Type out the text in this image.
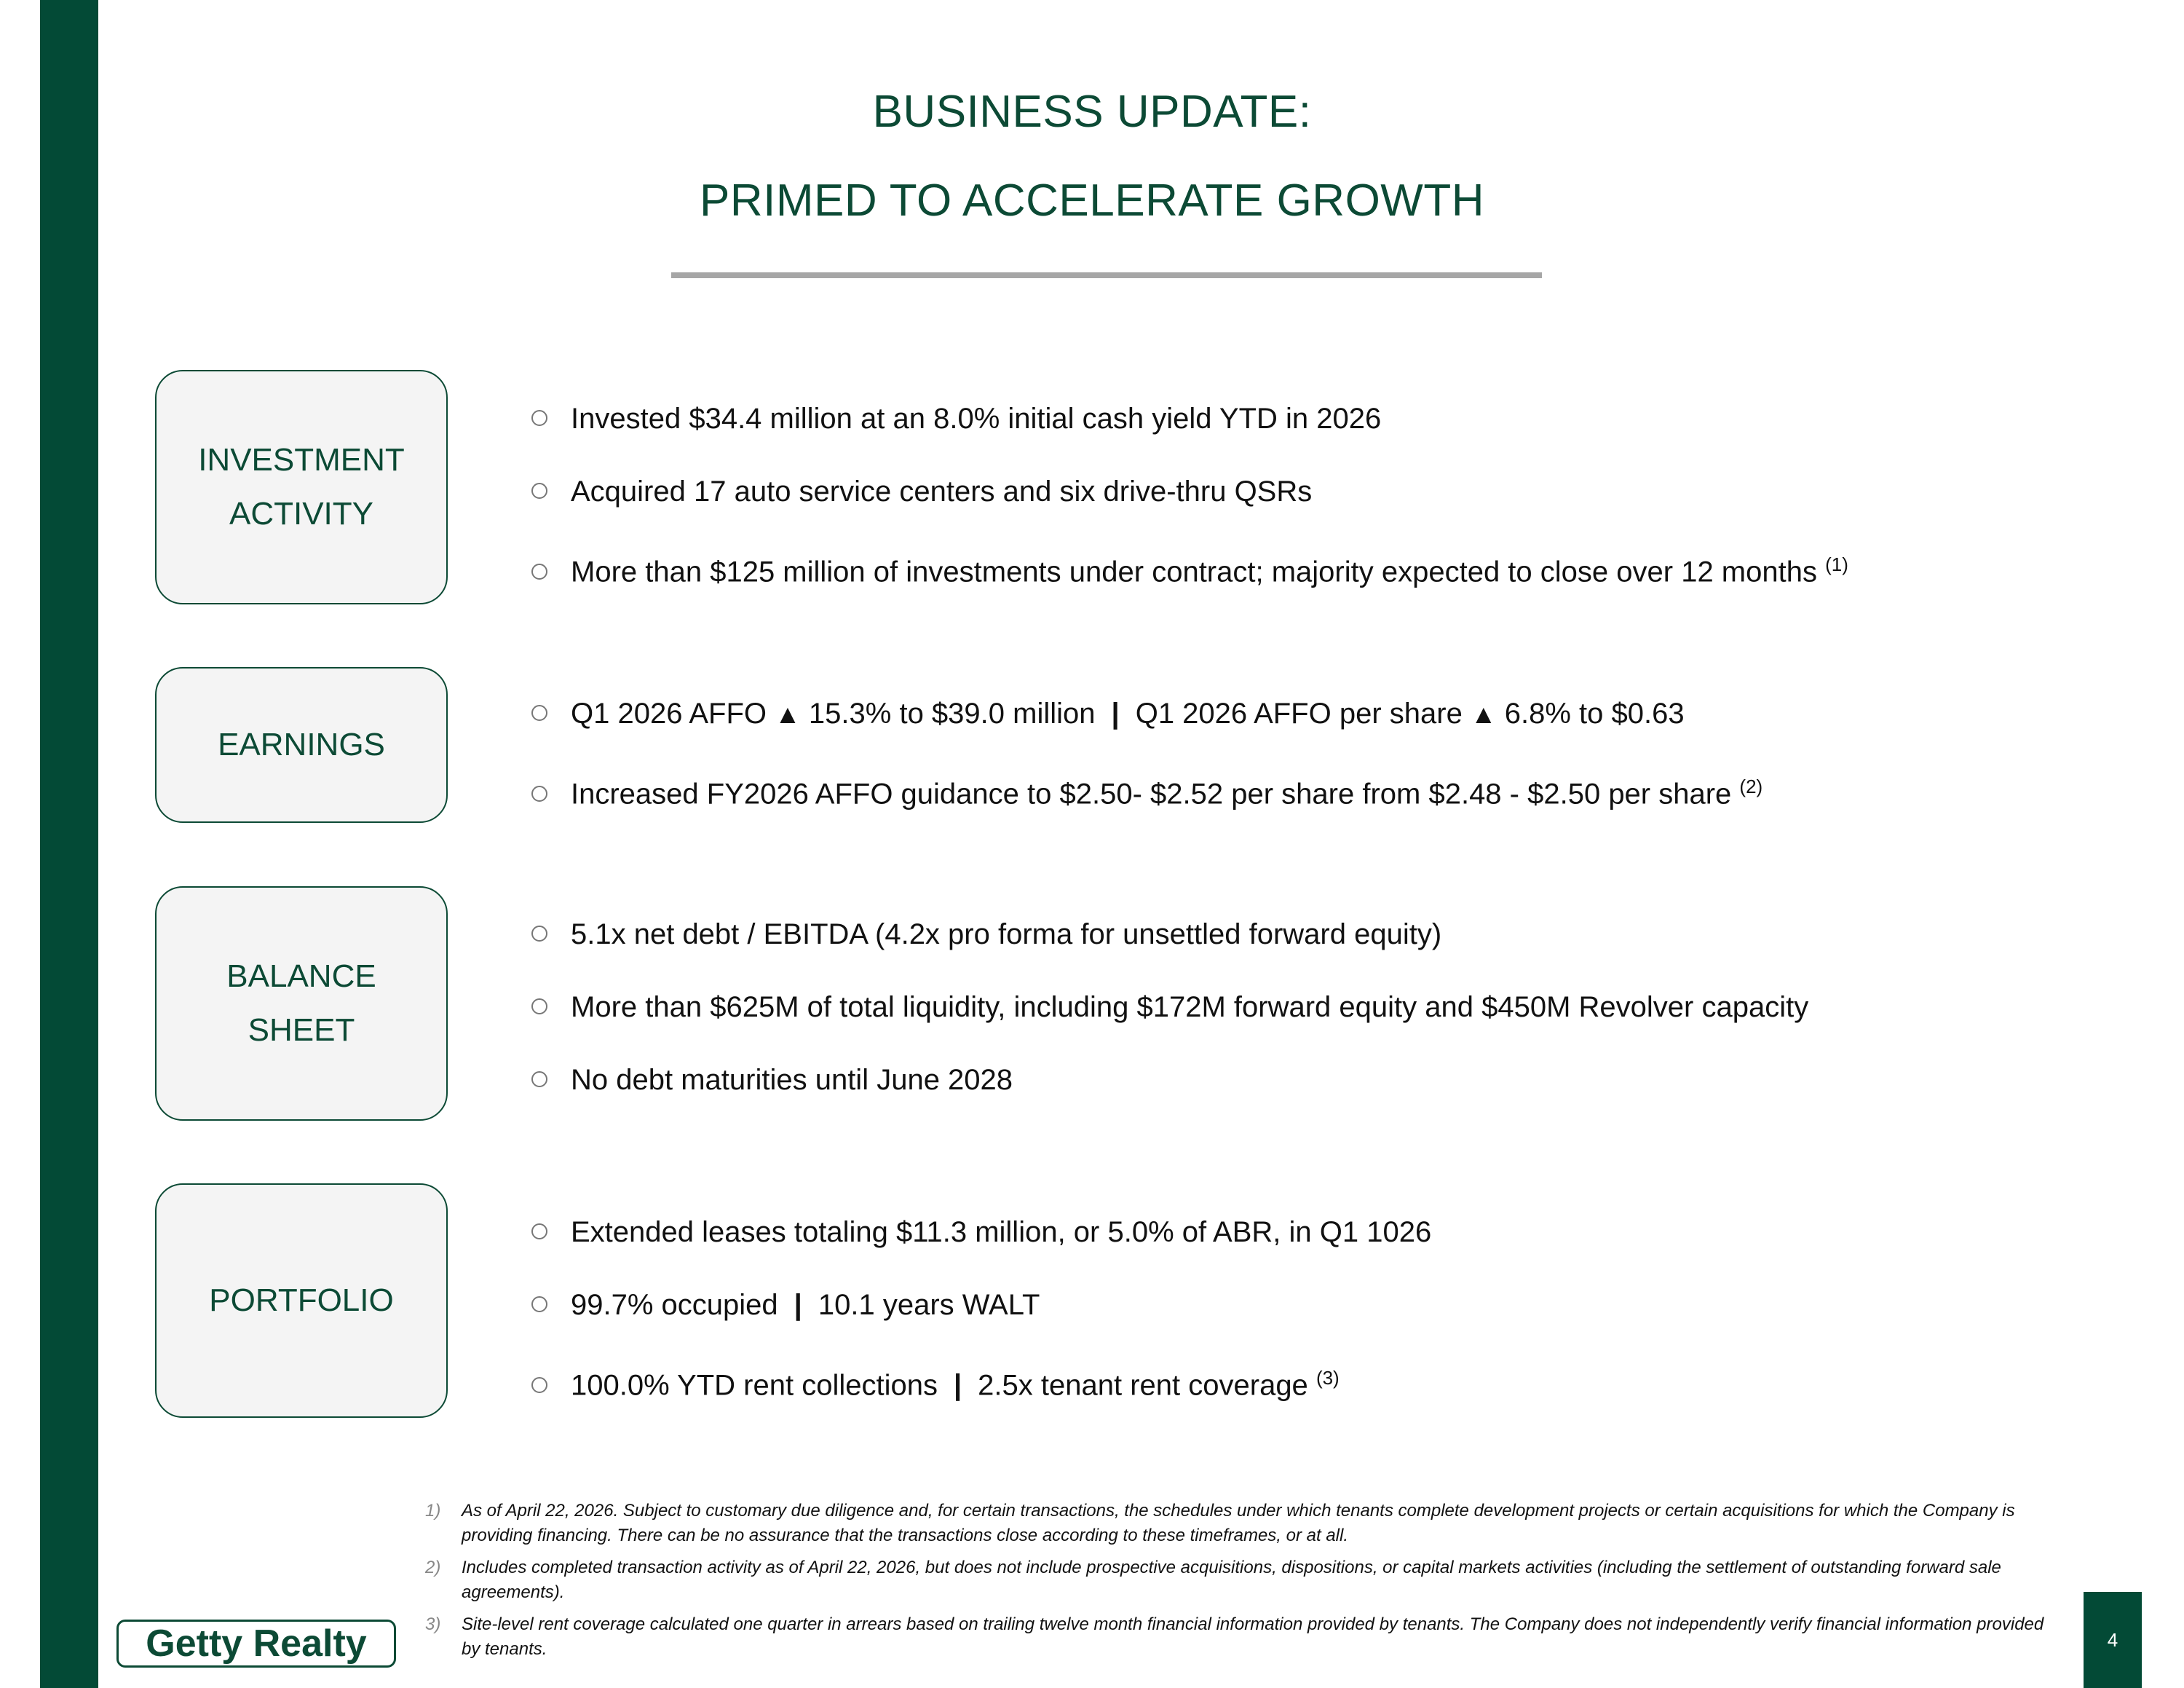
BUSINESS UPDATE:
PRIMED TO ACCELERATE GROWTH
INVESTMENT
ACTIVITY
Invested $34.4 million at an 8.0% initial cash yield YTD in 2026
Acquired 17 auto service centers and six drive-thru QSRs
More than $125 million of investments under contract; majority expected to close over 12 months $^{(1)}$
EARNINGS
Q1 2026 AFFO ▲ 15.3% to $39.0 million | Q1 2026 AFFO per share ▲ 6.8% to $0.63
Increased FY2026 AFFO guidance to $2.50- $2.52 per share from $2.48 - $2.50 per share $^{(2)}$
BALANCE
SHEET
5.1x net debt / EBITDA (4.2x pro forma for unsettled forward equity)
More than $625M of total liquidity, including $172M forward equity and $450M Revolver capacity
No debt maturities until June 2028
PORTFOLIO
Extended leases totaling $11.3 million, or 5.0% of ABR, in Q1 1026
99.7% occupied | 10.1 years WALT
100.0% YTD rent collections | 2.5x tenant rent coverage $^{(3)}$
1)	As of April 22, 2026. Subject to customary due diligence and, for certain transactions, the schedules under which tenants complete development projects or certain acquisitions for which the Company is providing financing. There can be no assurance that the transactions close according to these timeframes, or at all.
2)	Includes completed transaction activity as of April 22, 2026, but does not include prospective acquisitions, dispositions, or capital markets activities (including the settlement of outstanding forward sale agreements).
3)	Site-level rent coverage calculated one quarter in arrears based on trailing twelve month financial information provided by tenants. The Company does not independently verify financial information provided by tenants.
Getty Realty	4
